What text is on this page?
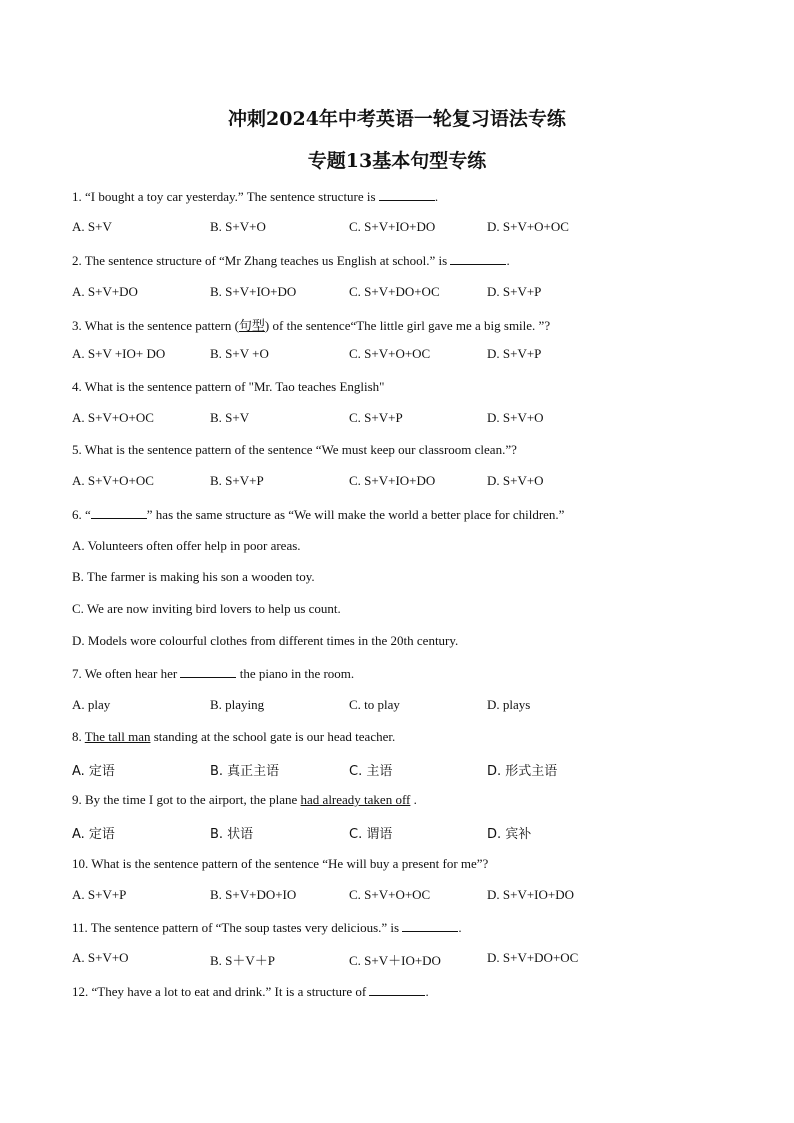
冲刺2024年中考英语一轮复习语法专练
专题13基本句型专练
1. “I bought a toy car yesterday.” The sentence structure is	.
A. S+V	B. S+V+O	C. S+V+IO+DO	D. S+V+O+OC
2. The sentence structure of “Mr Zhang teaches us English at school.” is	.
A. S+V+DO	B. S+V+IO+DO	C. S+V+DO+OC	D. S+V+P
3. What is the sentence pattern (句型) of the sentence“The little girl gave me a big smile. ”?
A. S+V +IO+ DO	B. S+V +O	C. S+V+O+OC	D. S+V+P
4. What is the sentence pattern of "Mr. Tao teaches English"
A. S+V+O+OC	B. S+V	C. S+V+P	D. S+V+O
5. What is the sentence pattern of the sentence “We must keep our classroom clean.”?
A. S+V+O+OC	B. S+V+P	C. S+V+IO+DO	D. S+V+O
6. “	” has the same structure as “We will make the world a better place for children.”
A. Volunteers often offer help in poor areas.
B. The farmer is making his son a wooden toy.
C. We are now inviting bird lovers to help us count.
D. Models wore colourful clothes from different times in the 20th century.
7. We often hear her	the piano in the room.
A. play	B. playing	C. to play	D. plays
8. The tall man standing at the school gate is our head teacher.
A. 定语	B. 真正主语	C. 主语	D. 形式主语
9. By the time I got to the airport, the plane had already taken off .
A. 定语	B. 状语	C. 谓语	D. 宾补
10. What is the sentence pattern of the sentence “He will buy a present for me”?
A. S+V+P	B. S+V+DO+IO	C. S+V+O+OC	D. S+V+IO+DO
11. The sentence pattern of “The soup tastes very delicious.” is	.
A. S+V+O	B. S＋V＋P	C. S+V＋IO+DO	D. S+V+DO+OC
12. “They have a lot to eat and drink.” It is a structure of	.
